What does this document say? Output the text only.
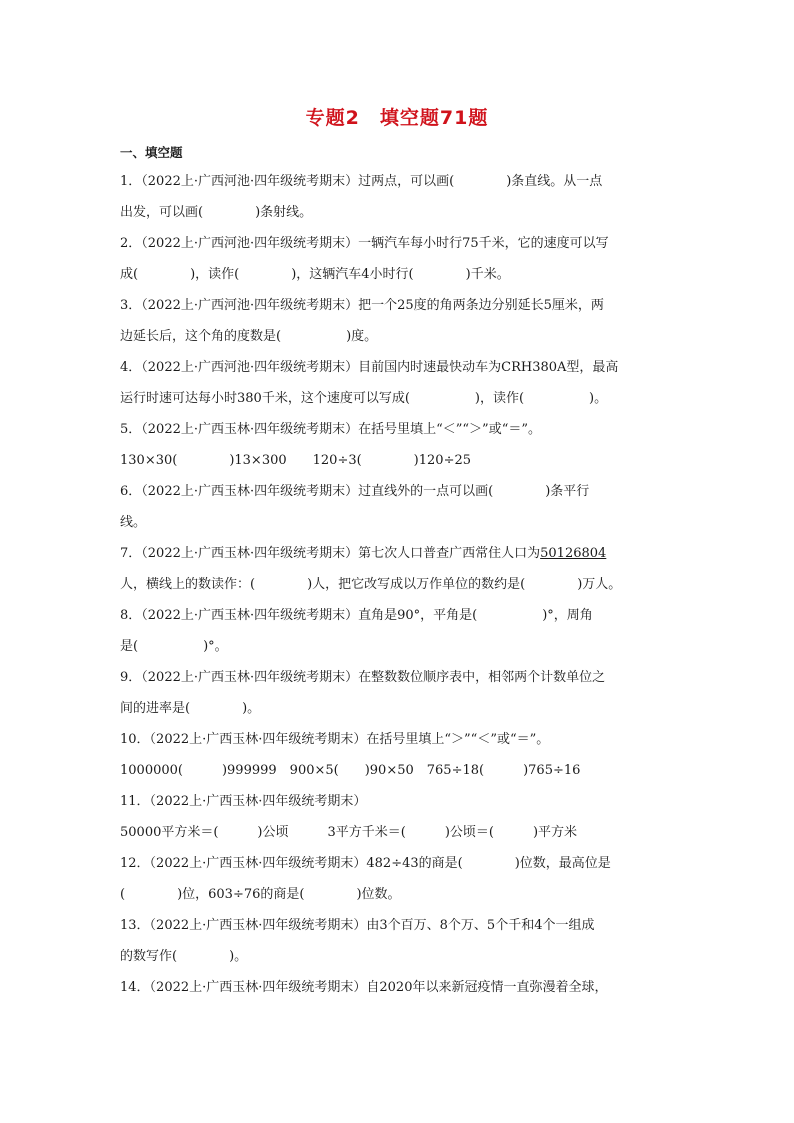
专题2　填空题71题
一、填空题
1．（2022上·广西河池·四年级统考期末）过两点，可以画(　　　　)条直线。从一点
出发，可以画(　　　　)条射线。
2．（2022上·广西河池·四年级统考期末）一辆汽车每小时行75千米，它的速度可以写
成(　　　　)，读作(　　　　)，这辆汽车4小时行(　　　　)千米。
3．（2022上·广西河池·四年级统考期末）把一个25度的角两条边分别延长5厘米，两
边延长后，这个角的度数是(　　　　　)度。
4．（2022上·广西河池·四年级统考期末）目前国内时速最快动车为CRH380A型，最高
运行时速可达每小时380千米，这个速度可以写成(　　　　　)，读作(　　　　　)。
5．（2022上·广西玉林·四年级统考期末）在括号里填上“＜”“＞”或“＝”。
130×30(　　　　)13×300　　120÷3(　　　　)120÷25
6．（2022上·广西玉林·四年级统考期末）过直线外的一点可以画(　　　　)条平行
线。
7．（2022上·广西玉林·四年级统考期末）第七次人口普查广西常住人口为50126804
人，横线上的数读作：(　　　　)人，把它改写成以万作单位的数约是(　　　　)万人。
8．（2022上·广西玉林·四年级统考期末）直角是90°，平角是(　　　　　)°，周角
是(　　　　　)°。
9．（2022上·广西玉林·四年级统考期末）在整数数位顺序表中，相邻两个计数单位之
间的进率是(　　　　)。
10．（2022上·广西玉林·四年级统考期末）在括号里填上“＞”“＜”或“＝”。
1000000(　　　)999999　900×5(　　)90×50　765÷18(　　　)765÷16
11．（2022上·广西玉林·四年级统考期末）
50000平方米＝(　　　)公顷　　　3平方千米＝(　　　)公顷＝(　　　)平方米
12．（2022上·广西玉林·四年级统考期末）482÷43的商是(　　　　)位数，最高位是
(　　　　)位，603÷76的商是(　　　　)位数。
13．（2022上·广西玉林·四年级统考期末）由3个百万、8个万、5个千和4个一组成
的数写作(　　　　)。
14．（2022上·广西玉林·四年级统考期末）自2020年以来新冠疫情一直弥漫着全球，
